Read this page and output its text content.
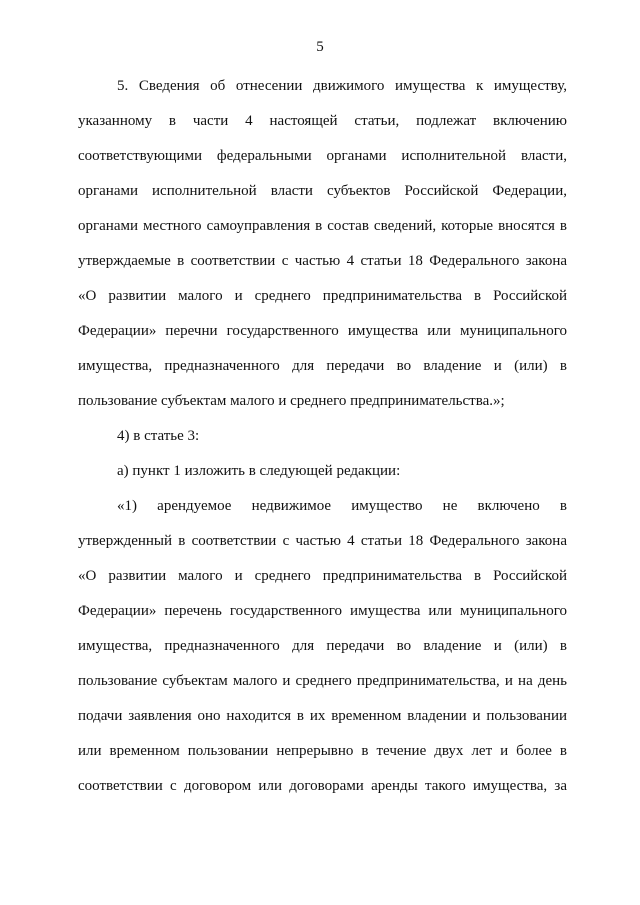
5
5. Сведения об отнесении движимого имущества к имуществу,
указанному в части 4 настоящей статьи, подлежат включению
соответствующими федеральными органами исполнительной власти,
органами исполнительной власти субъектов Российской Федерации,
органами местного самоуправления в состав сведений, которые вносятся в
утверждаемые в соответствии с частью 4 статьи 18 Федерального закона
«О развитии малого и среднего предпринимательства в Российской
Федерации» перечни государственного имущества или муниципального
имущества, предназначенного для передачи во владение и (или) в
пользование субъектам малого и среднего предпринимательства.»;
4) в статье 3:
а) пункт 1 изложить в следующей редакции:
«1) арендуемое недвижимое имущество не включено в
утвержденный в соответствии с частью 4 статьи 18 Федерального закона
«О развитии малого и среднего предпринимательства в Российской
Федерации» перечень государственного имущества или муниципального
имущества, предназначенного для передачи во владение и (или) в
пользование субъектам малого и среднего предпринимательства, и на день
подачи заявления оно находится в их временном владении и пользовании
или временном пользовании непрерывно в течение двух лет и более в
соответствии с договором или договорами аренды такого имущества, за
